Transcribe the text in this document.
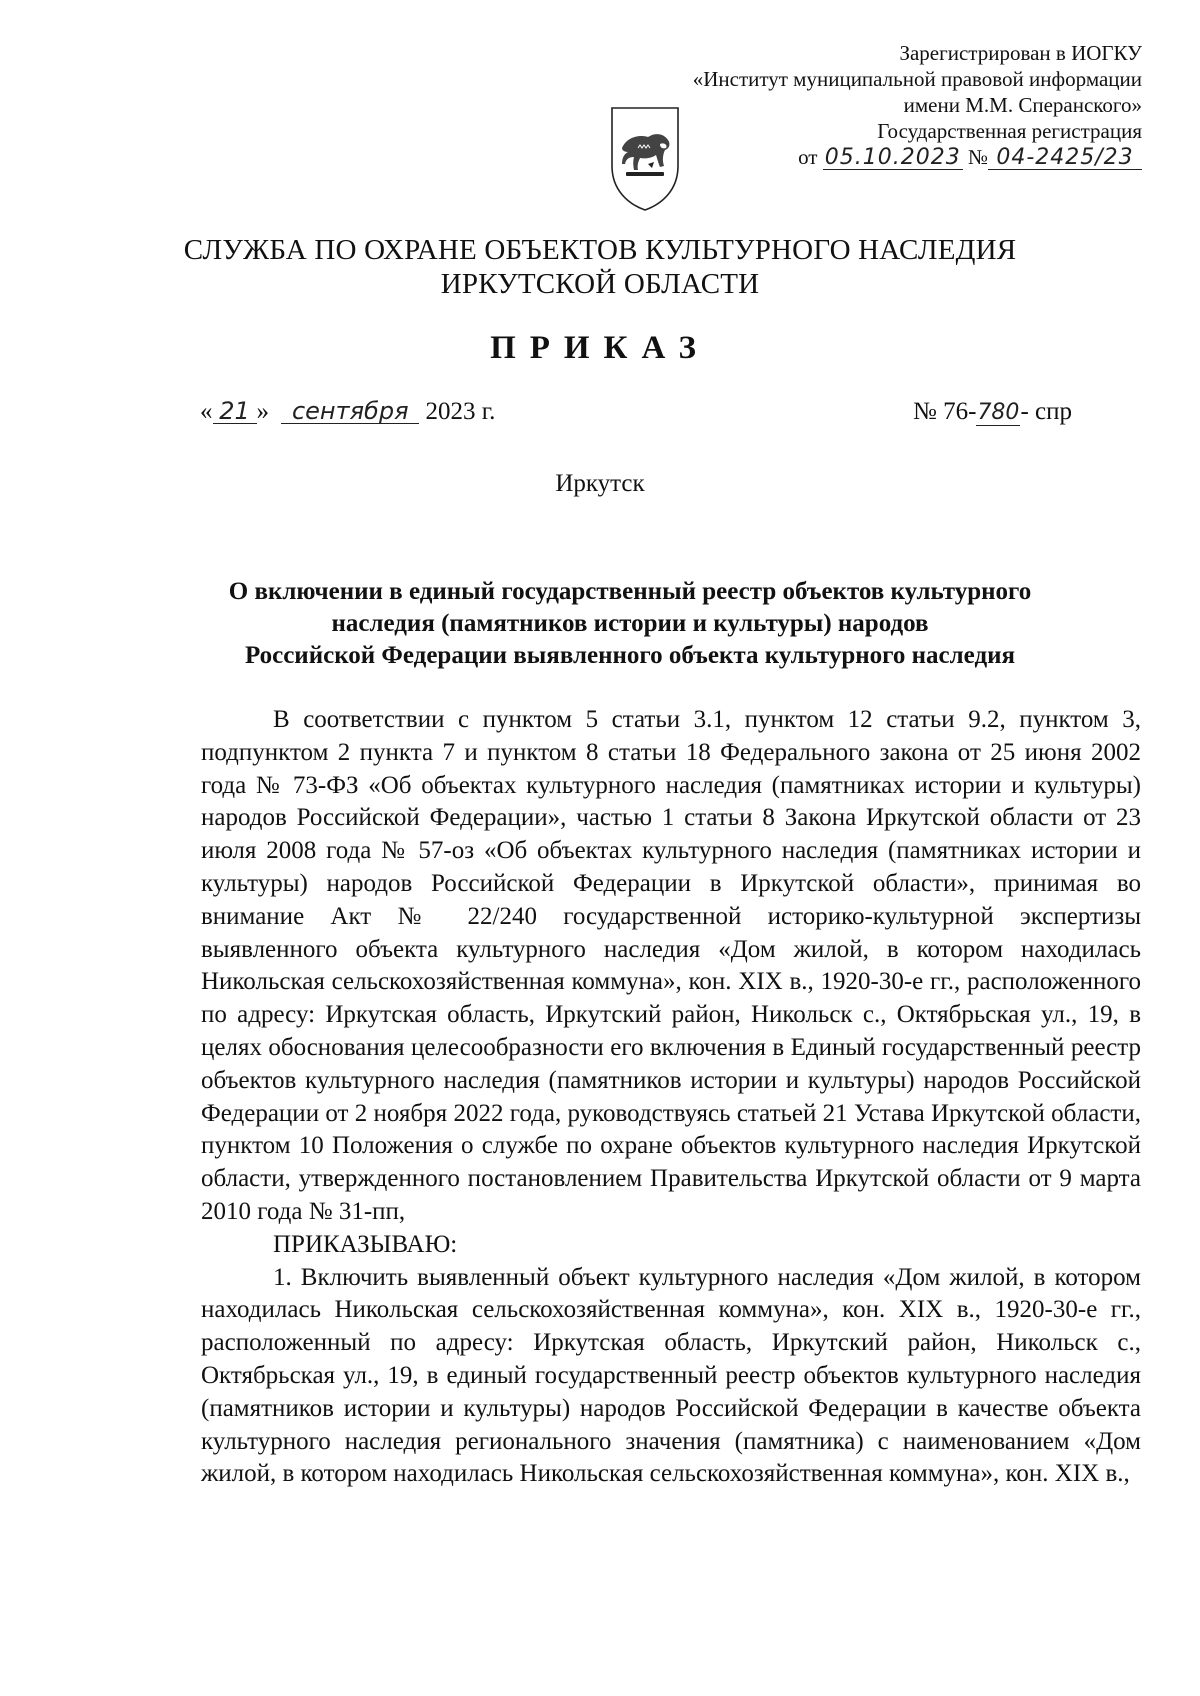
Зарегистрирован в ИОГКУ
«Институт муниципальной правовой информации
имени М.М. Сперанского»
Государственная регистрация
от 05.10.2023 № 04-2425/23
СЛУЖБА ПО ОХРАНЕ ОБЪЕКТОВ КУЛЬТУРНОГО НАСЛЕДИЯ
ИРКУТСКОЙ ОБЛАСТИ
ПРИКАЗ
« 21 » сентября 2023 г.	№ 76-780- спр
Иркутск
О включении в единый государственный реестр объектов культурного
наследия (памятников истории и культуры) народов
Российской Федерации выявленного объекта культурного наследия

В соответствии с пунктом 5 статьи 3.1, пунктом 12 статьи 9.2, пунктом 3, подпунктом 2 пункта 7 и пунктом 8 статьи 18 Федерального закона от 25 июня 2002 года № 73-ФЗ «Об объектах культурного наследия (памятниках истории и культуры) народов Российской Федерации», частью 1 статьи 8 Закона Иркутской области от 23 июля 2008 года № 57-оз «Об объектах культурного наследия (памятниках истории и культуры) народов Российской Федерации в Иркутской области», принимая во внимание Акт № 22/240 государственной историко-культурной экспертизы выявленного объекта культурного наследия «Дом жилой, в котором находилась Никольская сельскохозяйственная коммуна», кон. XIX в., 1920-30-е гг., расположенного по адресу: Иркутская область, Иркутский район, Никольск с., Октябрьская ул., 19, в целях обоснования целесообразности его включения в Единый государственный реестр объектов культурного наследия (памятников истории и культуры) народов Российской Федерации от 2 ноября 2022 года, руководствуясь статьей 21 Устава Иркутской области, пунктом 10 Положения о службе по охране объектов культурного наследия Иркутской области, утвержденного постановлением Правительства Иркутской области от 9 марта 2010 года № 31-пп,

ПРИКАЗЫВАЮ:

1. Включить выявленный объект культурного наследия «Дом жилой, в котором находилась Никольская сельскохозяйственная коммуна», кон. XIX в., 1920-30-е гг., расположенный по адресу: Иркутская область, Иркутский район, Никольск с., Октябрьская ул., 19, в единый государственный реестр объектов культурного наследия (памятников истории и культуры) народов Российской Федерации в качестве объекта культурного наследия регионального значения (памятника) с наименованием «Дом жилой, в котором находилась Никольская сельскохозяйственная коммуна», кон. XIX в.,
